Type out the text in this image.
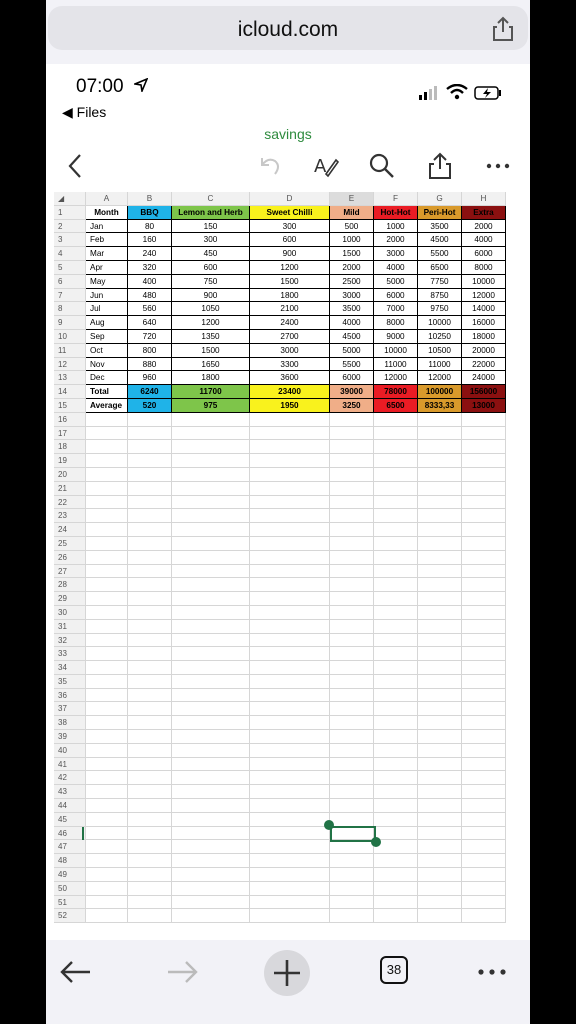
icloud.com
07:00
◀ Files
savings
A
◢	A	B	C	D	E	F	G	H
1	Month	BBQ	Lemon and Herb	Sweet Chilli	Mild	Hot-Hot	Peri-Hot	Extra
2	Jan	80	150	300	500	1000	3500	2000
3	Feb	160	300	600	1000	2000	4500	4000
4	Mar	240	450	900	1500	3000	5500	6000
5	Apr	320	600	1200	2000	4000	6500	8000
6	May	400	750	1500	2500	5000	7750	10000
7	Jun	480	900	1800	3000	6000	8750	12000
8	Jul	560	1050	2100	3500	7000	9750	14000
9	Aug	640	1200	2400	4000	8000	10000	16000
10	Sep	720	1350	2700	4500	9000	10250	18000
11	Oct	800	1500	3000	5000	10000	10500	20000
12	Nov	880	1650	3300	5500	11000	11000	22000
13	Dec	960	1800	3600	6000	12000	12000	24000
14	Total	6240	11700	23400	39000	78000	100000	156000
15	Average	520	975	1950	3250	6500	8333,33	13000
16
17
18
19
20
21
22
23
24
25
26
27
28
29
30
31
32
33
34
35
36
37
38
39
40
41
42
43
44
45
46
47
48
49
50
51
52
38
